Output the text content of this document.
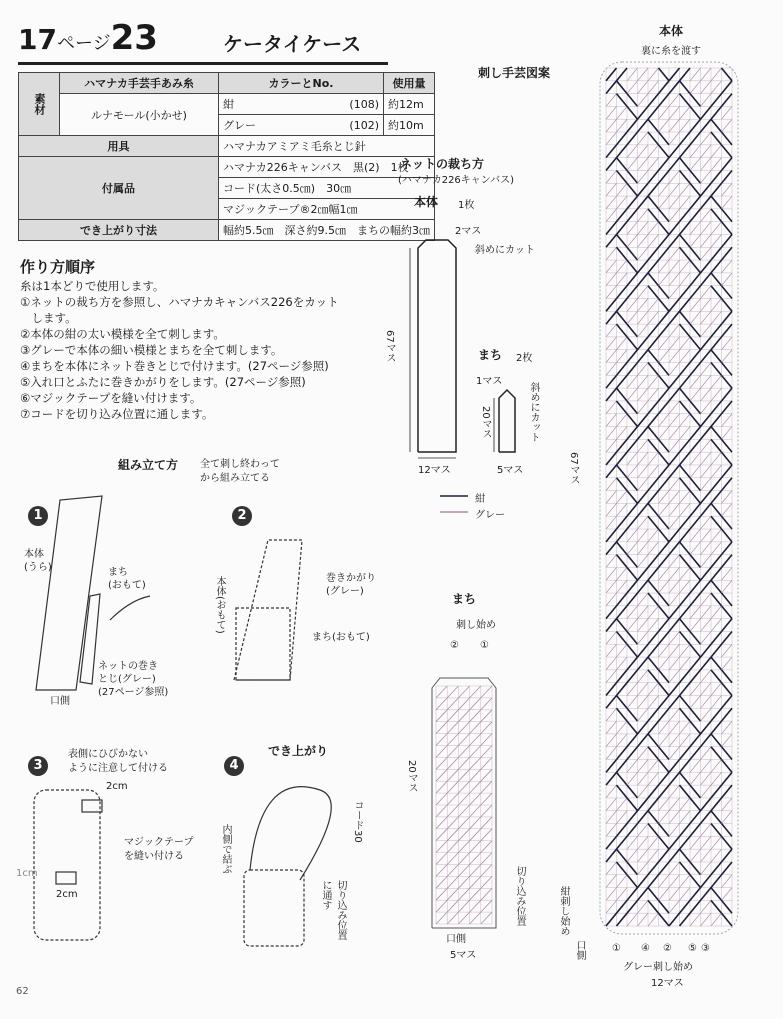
17ページ23	ケータイケース
素材	ハマナカ手芸手あみ糸	カラーとNo.		使用量
	ルナモール(小かせ)	紺	(108)	約12m
		グレー	(102)	約10m
用具		ハマナカアミアミ毛糸とじ針		
付属品		ハマナカ226キャンバス　黒(2)　1枚		
		コード(太さ0.5㎝)　30㎝		
		マジックテープ®2㎝幅1㎝		
でき上がり寸法		幅約5.5㎝　深さ約9.5㎝　まちの幅約3㎝		
作り方順序
糸は1本どりで使用します。
①ネットの裁ち方を参照し、ハマナカキャンバス226をカット
　します。
②本体の紺の太い模様を全て刺します。
③グレーで本体の細い模様とまちを全て刺します。
④まちを本体にネット巻きとじで付けます。(27ページ参照)
⑤入れ口とふたに巻きかがりをします。(27ページ参照)
⑥マジックテープを縫い付けます。
⑦コードを切り込み位置に通します。
刺し手芸図案
ネットの裁ち方
(ハマナカ226キャンバス)
本体 1枚
2マス
斜めにカット
67マス
12マス
まち 2枚
1マス
斜めにカット
20マス
5マス
紺
グレー
まち
刺し始め
② ①
20マス
切り込み位置
口側
5マス
本体
裏に糸を渡す
67マス
紺刺し始め
口側	① ④ ② ⑤ ③
グレー刺し始め
12マス
組み立て方 全て刺し終わって
から組み立てる
1
本体
(うら)	まち
(おもて)
ネットの巻き
とじ(グレー)
(27ページ参照)
口側
2
本体(おもて)	巻きかがり
(グレー)
まち(おもて)
3
表側にひびかない
ように注意して付ける
2cm
マジックテープ
を縫い付ける
1cm
2cm
4
でき上がり
内側で結ぶ
コード30
切り込み位置
に通す
62
